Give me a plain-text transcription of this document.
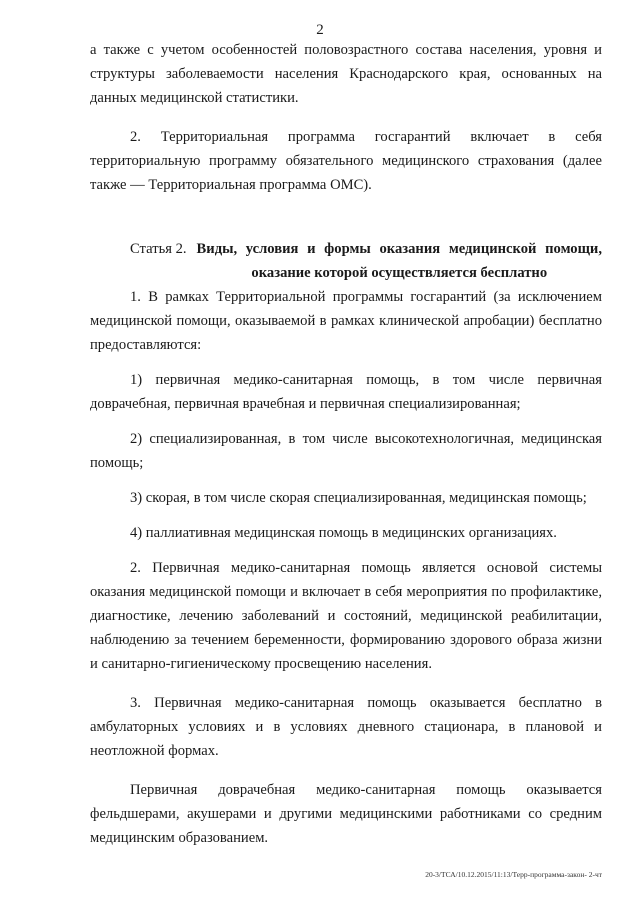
2

а также с учетом особенностей половозрастного состава населения, уровня и структуры заболеваемости населения Краснодарского края, основанных на данных медицинской статистики.

2. Территориальная программа госгарантий включает в себя территориальную программу обязательного медицинского страхования (далее также — Территориальная программа ОМС).

Статья 2. Виды, условия и формы оказания медицинской помощи, оказание которой осуществляется бесплатно

1. В рамках Территориальной программы госгарантий (за исключением медицинской помощи, оказываемой в рамках клинической апробации) бесплатно предоставляются:

1) первичная медико-санитарная помощь, в том числе первичная доврачебная, первичная врачебная и первичная специализированная;

2) специализированная, в том числе высокотехнологичная, медицинская помощь;

3) скорая, в том числе скорая специализированная, медицинская помощь;

4) паллиативная медицинская помощь в медицинских организациях.

2. Первичная медико-санитарная помощь является основой системы оказания медицинской помощи и включает в себя мероприятия по профилактике, диагностике, лечению заболеваний и состояний, медицинской реабилитации, наблюдению за течением беременности, формированию здорового образа жизни и санитарно-гигиеническому просвещению населения.

3. Первичная медико-санитарная помощь оказывается бесплатно в амбулаторных условиях и в условиях дневного стационара, в плановой и неотложной формах.

Первичная доврачебная медико-санитарная помощь оказывается фельдшерами, акушерами и другими медицинскими работниками со средним медицинским образованием.

20-3/ТСА/10.12.2015/11:13/Терр-программа-закон- 2-чт
